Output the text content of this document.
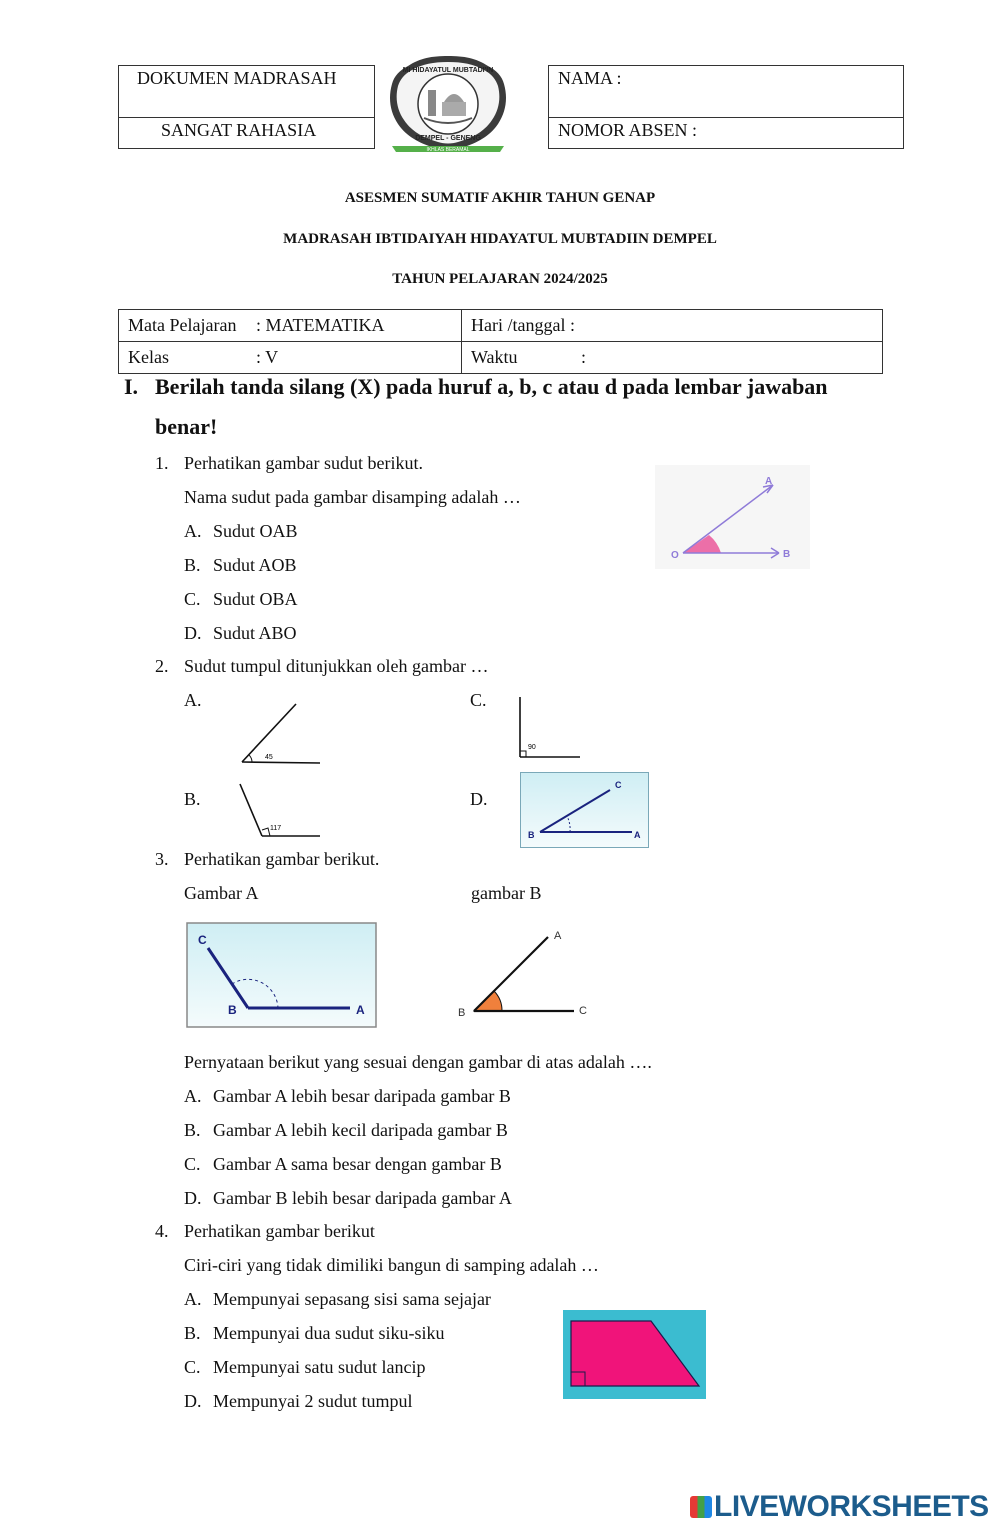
DOKUMEN MADRASAH
SANGAT RAHASIA
MI HIDAYATUL MUBTADI'IN
DEMPEL - GENENG
IKHLAS BERAMAL
NAMA :
NOMOR ABSEN :
ASESMEN SUMATIF AKHIR TAHUN GENAP
MADRASAH IBTIDAIYAH HIDAYATUL MUBTADIIN DEMPEL
TAHUN PELAJARAN 2024/2025
Mata Pelajaran : MATEMATIKA	Hari /tanggal :
Kelas : V	Waktu :
I. Berilah tanda silang (X) pada huruf a, b, c atau d pada lembar jawaban
benar!
1. Perhatikan gambar sudut berikut.
Nama sudut pada gambar disamping adalah …
A. Sudut OAB
B. Sudut AOB
C. Sudut OBA
D. Sudut ABO
O
A
B
2. Sudut tumpul ditunjukkan oleh gambar …
A.
45
B.
117
C.
90
D.
C
B	A
3. Perhatikan gambar berikut.
Gambar A	gambar B
C
B	A
A
B	C
Pernyataan berikut yang sesuai dengan gambar di atas adalah ….
A. Gambar A lebih besar daripada gambar B
B. Gambar A lebih kecil daripada gambar B
C. Gambar A sama besar dengan gambar B
D. Gambar B lebih besar daripada gambar A
4. Perhatikan gambar berikut
Ciri-ciri yang tidak dimiliki bangun di samping adalah …
A. Mempunyai sepasang sisi sama sejajar
B. Mempunyai dua sudut siku-siku
C. Mempunyai satu sudut lancip
D. Mempunyai 2 sudut tumpul
LIVEWORKSHEETS
